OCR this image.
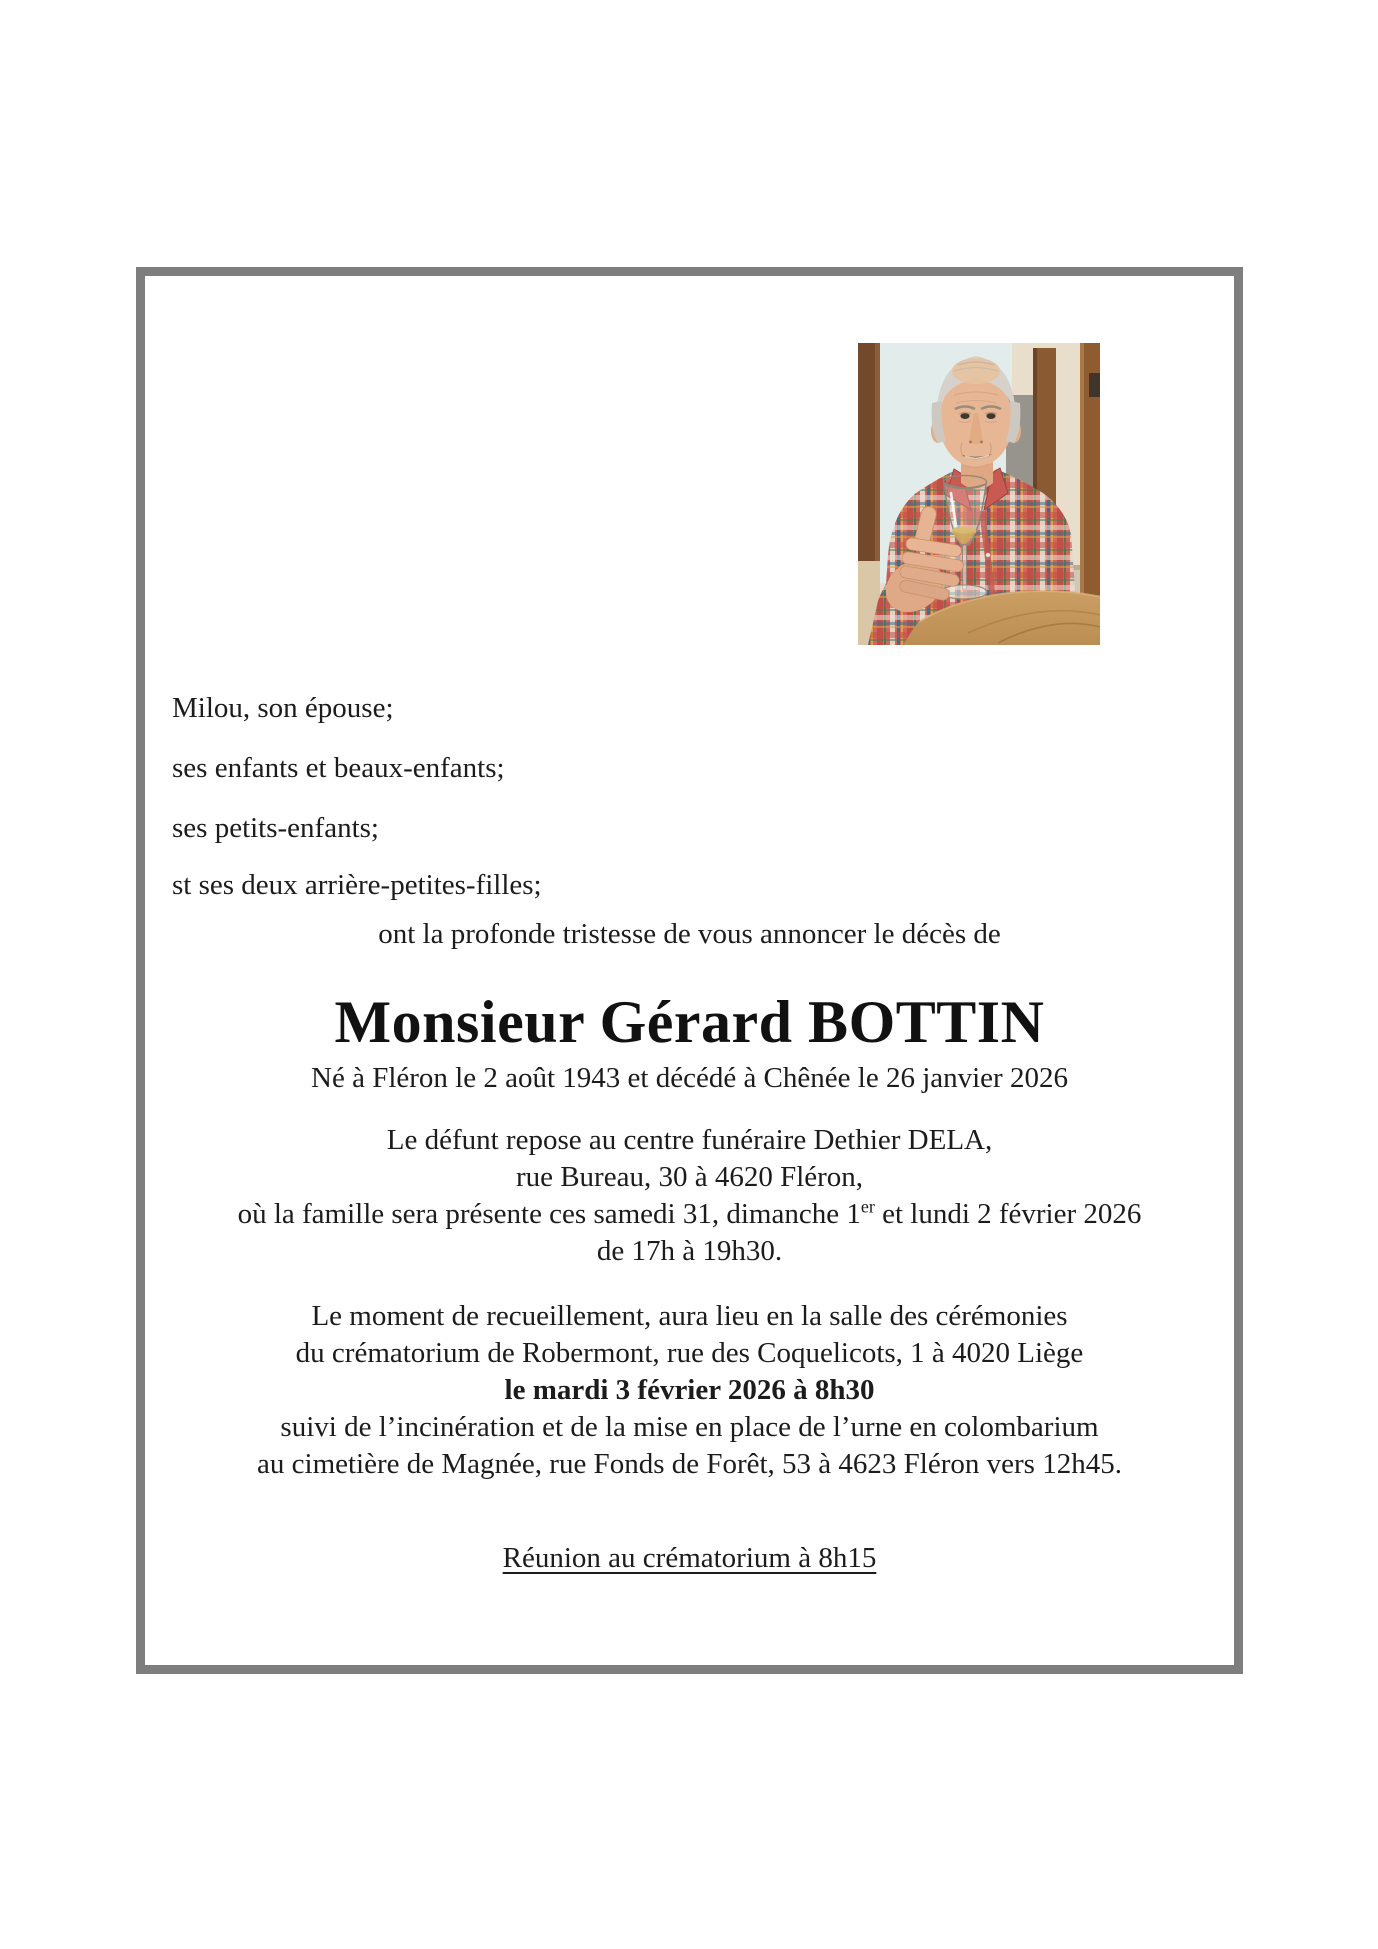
Milou, son épouse;

ses enfants et beaux-enfants;

ses petits-enfants;

st ses deux arrière-petites-filles;

ont la profonde tristesse de vous annoncer le décès de

Monsieur Gérard BOTTIN

Né à Fléron le 2 août 1943 et décédé à Chênée le 26 janvier 2026

Le défunt repose au centre funéraire Dethier DELA,

rue Bureau, 30 à 4620 Fléron,

où la famille sera présente ces samedi 31, dimanche 1er et lundi 2 février 2026

de 17h à 19h30.

Le moment de recueillement, aura lieu en la salle des cérémonies

du crématorium de Robermont, rue des Coquelicots, 1 à 4020 Liège

le mardi 3 février 2026 à 8h30

suivi de l’incinération et de la mise en place de l’urne en colombarium

au cimetière de Magnée, rue Fonds de Forêt, 53 à 4623 Fléron vers 12h45.

Réunion au crématorium à 8h15
